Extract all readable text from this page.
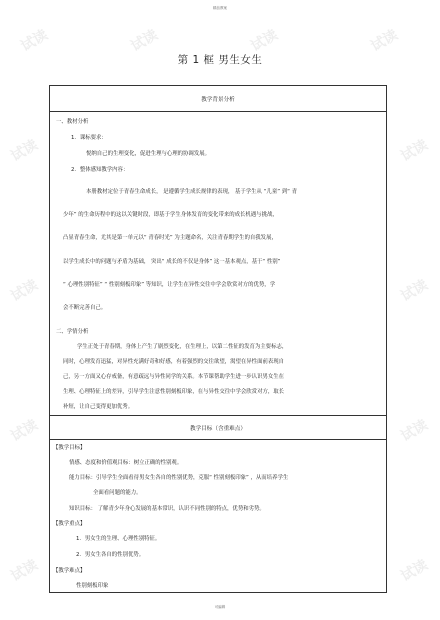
精品教案
试读	试读	试读	试读
试读	试读
试读	试读
试读	试读
试读	试读
第 1 框 男生女生
教学背景分析

一、教材分析
1．课标要求：
悦纳自己的生理变化，促进生理与心理的协调发展。
2．整体感知教学内容：
本册教材定位于青春生命成长， 是遵循学生成长规律的表现， 基于学生从 “儿童” 到“ 青
少年” 的生命历程中的这以关键时段，即基于学生身体发育的变化带来的成长机遇与挑战，
凸显青春生命，尤其是第一单元以“ 青春时光” 为主题命名，关注青春期学生的自我发展，
以学生成长中的问题与矛盾为基础， 突出“ 成长的不仅是身体” 这一基本观点，基于“ 性别”
“ 心理性别特征” “ 性别刻板印象” 等知识，让学生在异性交往中学会欣赏对方的优势，学
会不断完善自己。
二、学情分析
学生正处于青春期，身体上产生了剧烈变化，在生理上，以第二性征的发育为主要标志，
同时，心理发育迅猛，对异性充满好奇和好感，有着强烈的交往欲望，渴望在异性面前表现自
己，另一方面又心存戒备，有意疏远与异性同学的关系。本节课帮助学生进一步认识男女生在
生理、心理特征上的差异，引导学生注意性别刻板印象，在与异性交往中学会欣赏对方，取长
补短，让自己变得更加优秀。

教学目标（含重难点）

【教学目标】
情感、态度和价值观目标：树立正确的性别观。
能力目标：引导学生全面看待男女生各自的性别优势，克服“ 性别刻板印象” ，从而培养学生
全面看问题的能力。
知识目标： 了解青少年身心发展的基本常识，认识不同性别的特点，优势和劣势。
【教学重点】
1．男女生的生理、心理性别特征。
2．男女生各自的性别优势。
【教学难点】
性别刻板印象
可编辑
